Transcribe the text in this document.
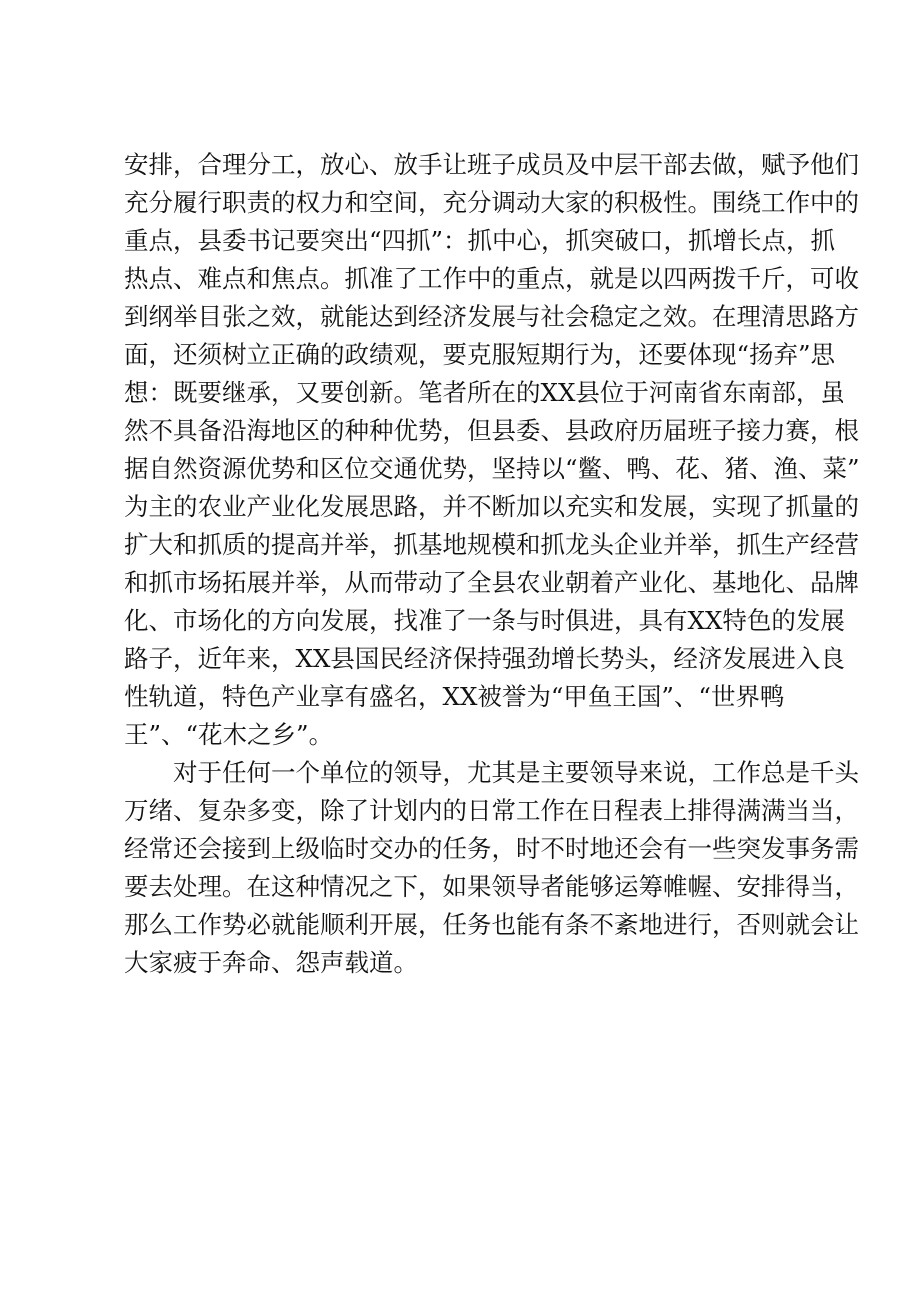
安排，合理分工，放心、放手让班子成员及中层干部去做，赋予他们
充分履行职责的权力和空间，充分调动大家的积极性。围绕工作中的
重点，县委书记要突出“四抓”：抓中心，抓突破口，抓增长点，抓
热点、难点和焦点。抓准了工作中的重点，就是以四两拨千斤，可收
到纲举目张之效，就能达到经济发展与社会稳定之效。在理清思路方
面，还须树立正确的政绩观，要克服短期行为，还要体现“扬弃”思
想：既要继承，又要创新。笔者所在的XX县位于河南省东南部，虽
然不具备沿海地区的种种优势，但县委、县政府历届班子接力赛，根
据自然资源优势和区位交通优势，坚持以“鳖、鸭、花、猪、渔、菜”
为主的农业产业化发展思路，并不断加以充实和发展，实现了抓量的
扩大和抓质的提高并举，抓基地规模和抓龙头企业并举，抓生产经营
和抓市场拓展并举，从而带动了全县农业朝着产业化、基地化、品牌
化、市场化的方向发展，找准了一条与时俱进，具有XX特色的发展
路子，近年来，XX县国民经济保持强劲增长势头，经济发展进入良
性轨道，特色产业享有盛名，XX被誉为“甲鱼王国”、“世界鸭
王”、“花木之乡”。
对于任何一个单位的领导，尤其是主要领导来说，工作总是千头
万绪、复杂多变，除了计划内的日常工作在日程表上排得满满当当，
经常还会接到上级临时交办的任务，时不时地还会有一些突发事务需
要去处理。在这种情况之下，如果领导者能够运筹帷幄、安排得当，
那么工作势必就能顺利开展，任务也能有条不紊地进行，否则就会让
大家疲于奔命、怨声载道。
